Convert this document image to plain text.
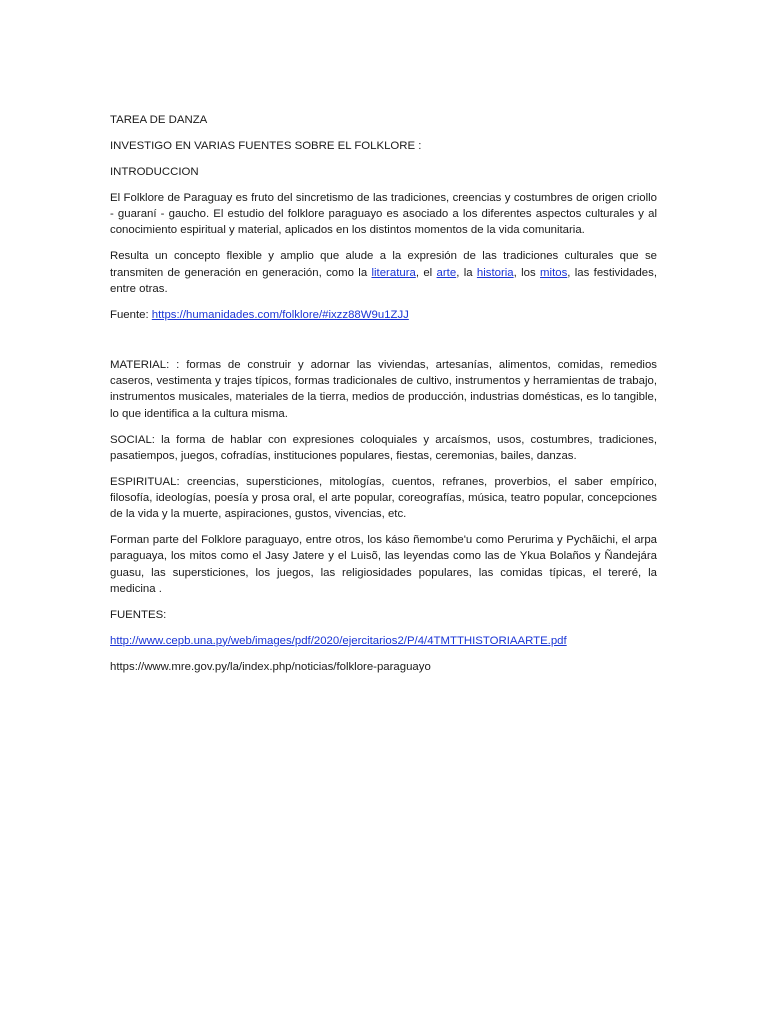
TAREA DE DANZA

INVESTIGO EN VARIAS FUENTES SOBRE EL FOLKLORE :

INTRODUCCION

El Folklore de Paraguay es fruto del sincretismo de las tradiciones, creencias y costumbres de origen criollo - guaraní - gaucho. El estudio del folklore paraguayo es asociado a los diferentes aspectos culturales y al conocimiento espiritual y material, aplicados en los distintos momentos de la vida comunitaria.

Resulta un concepto flexible y amplio que alude a la expresión de las tradiciones culturales que se transmiten de generación en generación, como la literatura, el arte, la historia, los mitos, las festividades, entre otras.

Fuente: https://humanidades.com/folklore/#ixzz88W9u1ZJJ

MATERIAL: : formas de construir y adornar las viviendas, artesanías, alimentos, comidas, remedios caseros, vestimenta y trajes típicos, formas tradicionales de cultivo, instrumentos y herramientas de trabajo, instrumentos musicales, materiales de la tierra, medios de producción, industrias domésticas, es lo tangible, lo que identifica a la cultura misma.

SOCIAL: la forma de hablar con expresiones coloquiales y arcaísmos, usos, costumbres, tradiciones, pasatiempos, juegos, cofradías, instituciones populares, fiestas, ceremonias, bailes, danzas.

ESPIRITUAL: creencias, supersticiones, mitologías, cuentos, refranes, proverbios, el saber empírico, filosofía, ideologías, poesía y prosa oral, el arte popular, coreografías, música, teatro popular, concepciones de la vida y la muerte, aspiraciones, gustos, vivencias, etc.

Forman parte del Folklore paraguayo, entre otros, los káso ñemombe'u como Perurima y Pychãichi, el arpa paraguaya, los mitos como el Jasy Jatere y el Luisõ, las leyendas como las de Ykua Bolaños y Ñandejára guasu, las supersticiones, los juegos, las religiosidades populares, las comidas típicas, el tereré, la medicina .

FUENTES:

http://www.cepb.una.py/web/images/pdf/2020/ejercitarios2/P/4/4TMTTHISTORIAARTE.pdf

https://www.mre.gov.py/la/index.php/noticias/folklore-paraguayo
